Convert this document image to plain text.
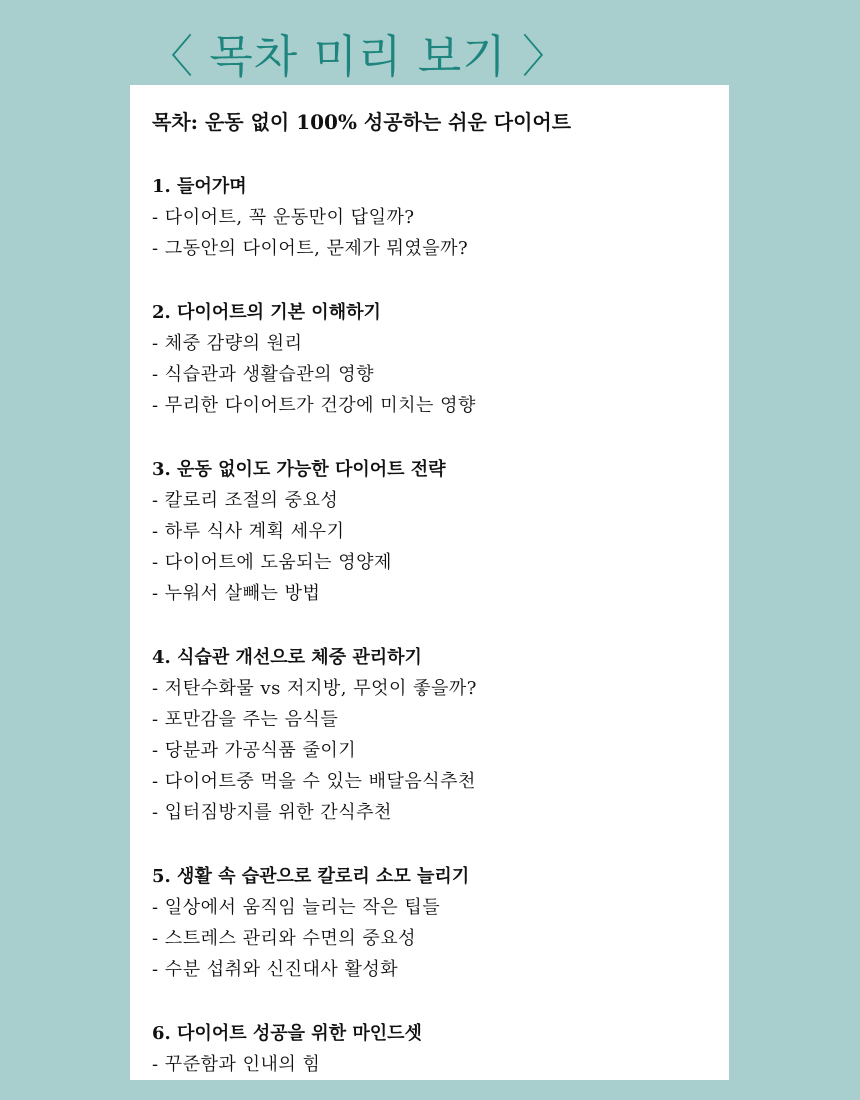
〈 목차 미리 보기 〉
목차: 운동 없이 100% 성공하는 쉬운 다이어트
1. 들어가며
- 다이어트, 꼭 운동만이 답일까?
- 그동안의 다이어트, 문제가 뭐였을까?
2. 다이어트의 기본 이해하기
- 체중 감량의 원리
- 식습관과 생활습관의 영향
- 무리한 다이어트가 건강에 미치는 영향
3. 운동 없이도 가능한 다이어트 전략
- 칼로리 조절의 중요성
- 하루 식사 계획 세우기
- 다이어트에 도움되는 영양제
- 누워서 살빼는 방법
4. 식습관 개선으로 체중 관리하기
- 저탄수화물 vs 저지방, 무엇이 좋을까?
- 포만감을 주는 음식들
- 당분과 가공식품 줄이기
- 다이어트중 먹을 수 있는 배달음식추천
- 입터짐방지를 위한 간식추천
5. 생활 속 습관으로 칼로리 소모 늘리기
- 일상에서 움직임 늘리는 작은 팁들
- 스트레스 관리와 수면의 중요성
- 수분 섭취와 신진대사 활성화
6. 다이어트 성공을 위한 마인드셋
- 꾸준함과 인내의 힘
